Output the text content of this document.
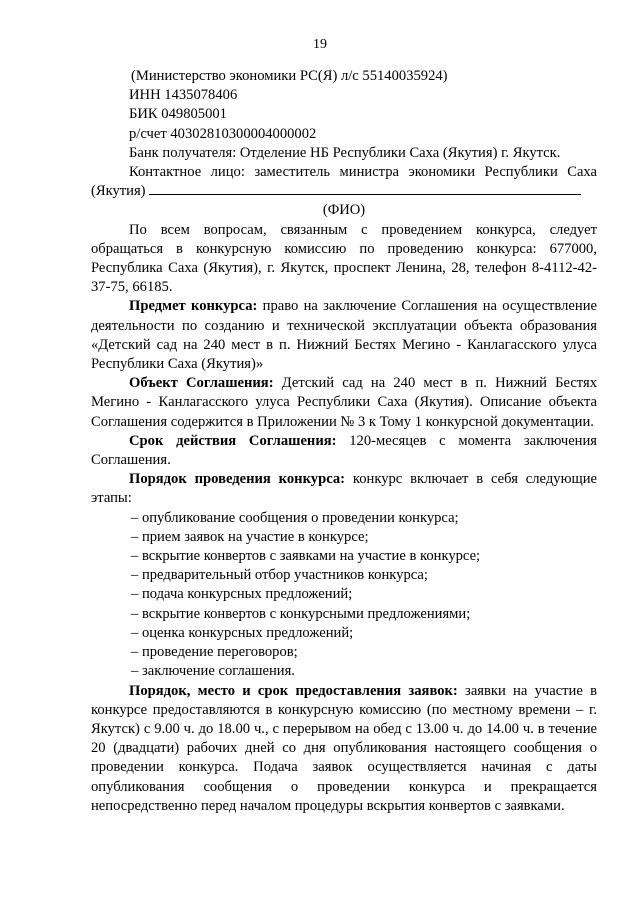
19

(Министерство экономики РС(Я) л/с 55140035924)

ИНН 1435078406

БИК 049805001

р/счет 40302810300004000002

Банк получателя: Отделение НБ Республики Саха (Якутия) г. Якутск.

Контактное лицо: заместитель министра экономики Республики Саха (Якутия)

(ФИО)

По всем вопросам, связанным с проведением конкурса, следует обращаться в конкурсную комиссию по проведению конкурса: 677000, Республика Саха (Якутия), г. Якутск, проспект Ленина, 28, телефон 8-4112-42-37-75, 66185.

Предмет конкурса: право на заключение Соглашения на осуществление деятельности по созданию и технической эксплуатации объекта образования «Детский сад на 240 мест в п. Нижний Бестях Мегино - Канлагасского улуса Республики Саха (Якутия)»

Объект Соглашения: Детский сад на 240 мест в п. Нижний Бестях Мегино - Канлагасского улуса Республики Саха (Якутия). Описание объекта Соглашения содержится в Приложении № 3 к Тому 1 конкурсной документации.

Срок действия Соглашения: 120-месяцев с момента заключения Соглашения.

Порядок проведения конкурса: конкурс включает в себя следующие этапы:

– опубликование сообщения о проведении конкурса;

– прием заявок на участие в конкурсе;

– вскрытие конвертов с заявками на участие в конкурсе;

– предварительный отбор участников конкурса;

– подача конкурсных предложений;

– вскрытие конвертов с конкурсными предложениями;

– оценка конкурсных предложений;

– проведение переговоров;

– заключение соглашения.

Порядок, место и срок предоставления заявок: заявки на участие в конкурсе предоставляются в конкурсную комиссию (по местному времени – г. Якутск) с 9.00 ч. до 18.00 ч., с перерывом на обед с 13.00 ч. до 14.00 ч. в течение 20 (двадцати) рабочих дней со дня опубликования настоящего сообщения о проведении конкурса. Подача заявок осуществляется начиная с даты опубликования сообщения о проведении конкурса и прекращается непосредственно перед началом процедуры вскрытия конвертов с заявками.
